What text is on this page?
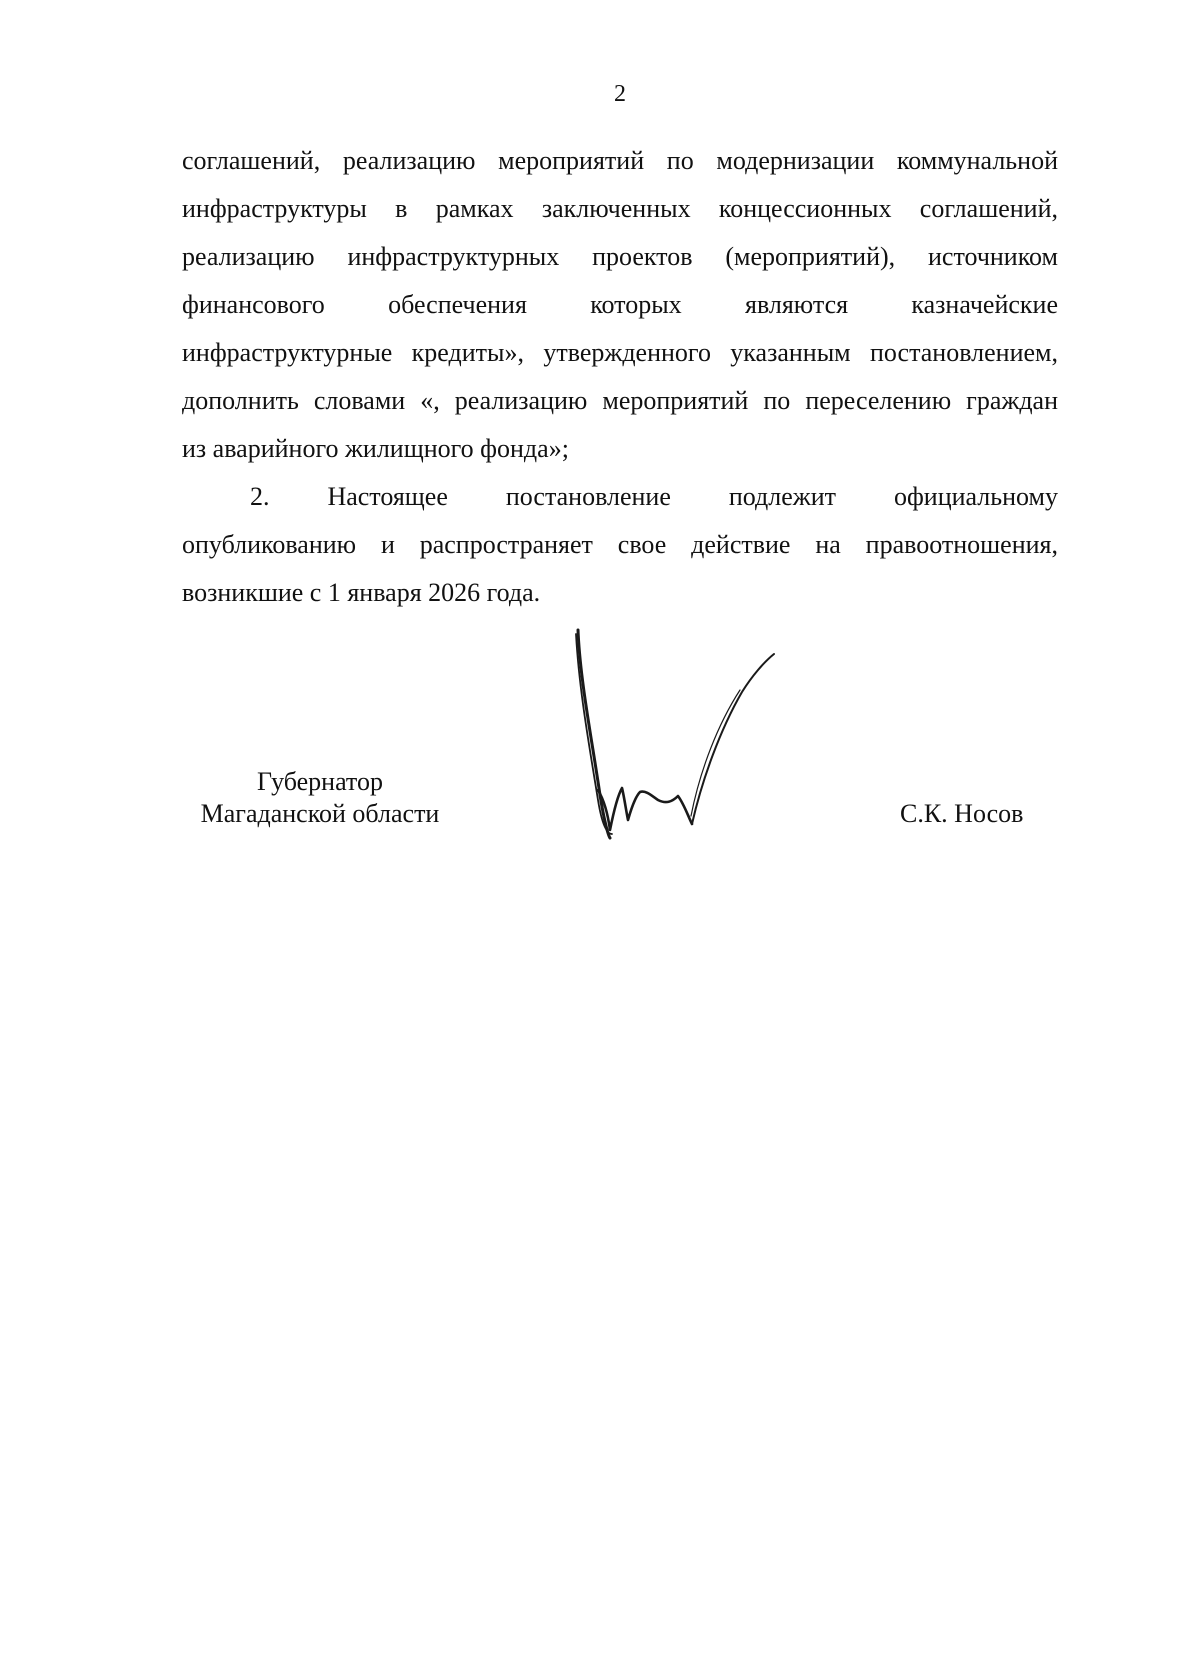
2
соглашений, реализацию мероприятий по модернизации коммунальной
инфраструктуры в рамках заключенных концессионных соглашений,
реализацию инфраструктурных проектов (мероприятий), источником
финансового обеспечения которых являются казначейские
инфраструктурные кредиты», утвержденного указанным постановлением,
дополнить словами «, реализацию мероприятий по переселению граждан
из аварийного жилищного фонда»;
2. Настоящее постановление подлежит официальному
опубликованию и распространяет свое действие на правоотношения,
возникшие с 1 января 2026 года.
Губернатор
Магаданской области	С.К. Носов
